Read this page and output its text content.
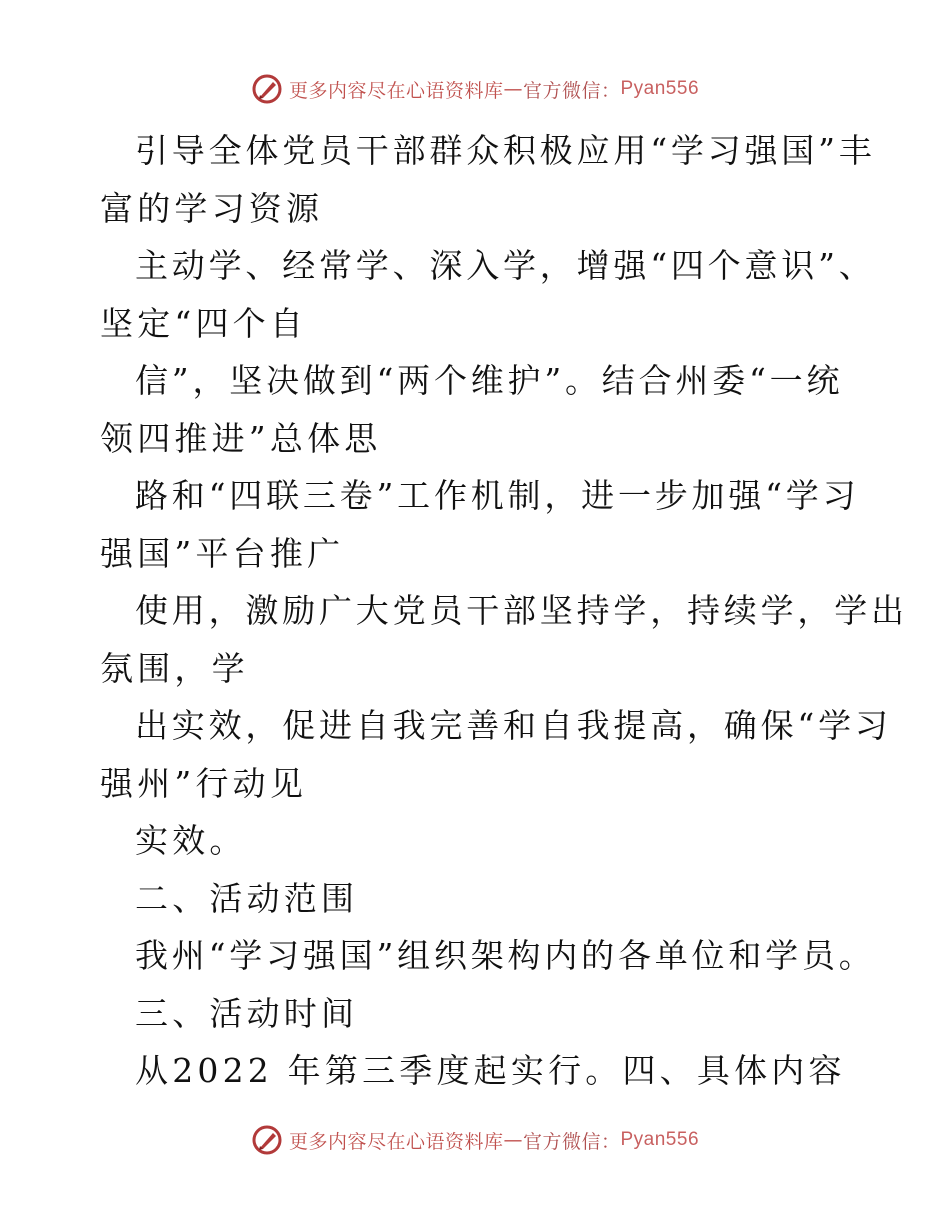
更多内容尽在心语资料库 — 官方微信： Pyan556
引导全体党员干部群众积极应用“学习强国”丰
富的学习资源
主动学、经常学、深入学，增强“四个意识”、
坚定“四个自
信”，坚决做到“两个维护”。结合州委“一统
领四推进”总体思
路和“四联三卷”工作机制，进一步加强“学习
强国”平台推广
使用，激励广大党员干部坚持学，持续学，学出
氛围，学
出实效，促进自我完善和自我提高，确保“学习
强州”行动见
实效。
二、活动范围
我州“学习强国”组织架构内的各单位和学员。
三、活动时间
从2022 年第三季度起实行。四、具体内容
更多内容尽在心语资料库 — 官方微信： Pyan556
